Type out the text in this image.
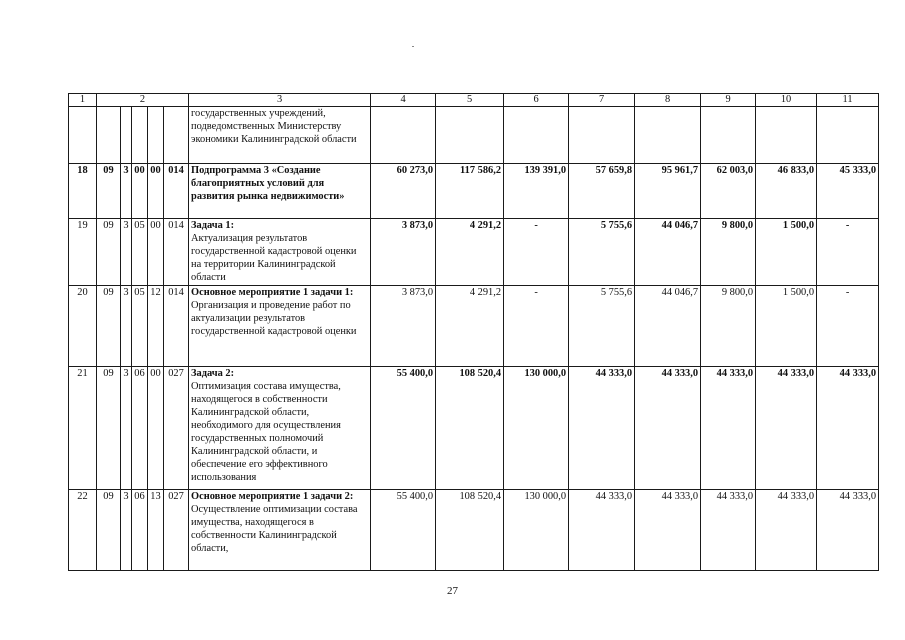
1	2					3	4	5	6	7	8	9	10	11
						государственных учреждений, подведомственных Министерству экономики Калининградской области								
18	09	3	00	00	014	Подпрограмма 3 «Создание благоприятных условий для развития рынка недвижимости»	60 273,0	117 586,2	139 391,0	57 659,8	95 961,7	62 003,0	46 833,0	45 333,0
19	09	3	05	00	014	Задача 1:
Актуализация результатов государственной кадастровой оценки на территории Калининградской области	3 873,0	4 291,2	-	5 755,6	44 046,7	9 800,0	1 500,0	-
20	09	3	05	12	014	Основное мероприятие 1 задачи 1:
Организация и проведение работ по актуализации результатов государственной кадастровой оценки	3 873,0	4 291,2	-	5 755,6	44 046,7	9 800,0	1 500,0	-
21	09	3	06	00	027	Задача 2:
Оптимизация состава имущества, находящегося в собственности Калининградской области, необходимого для осуществления государственных полномочий Калининградской области, и обеспечение его эффективного использования	55 400,0	108 520,4	130 000,0	44 333,0	44 333,0	44 333,0	44 333,0	44 333,0
22	09	3	06	13	027	Основное мероприятие 1 задачи 2:
Осуществление оптимизации состава имущества, находящегося в собственности Калининградской области,	55 400,0	108 520,4	130 000,0	44 333,0	44 333,0	44 333,0	44 333,0	44 333,0
27
